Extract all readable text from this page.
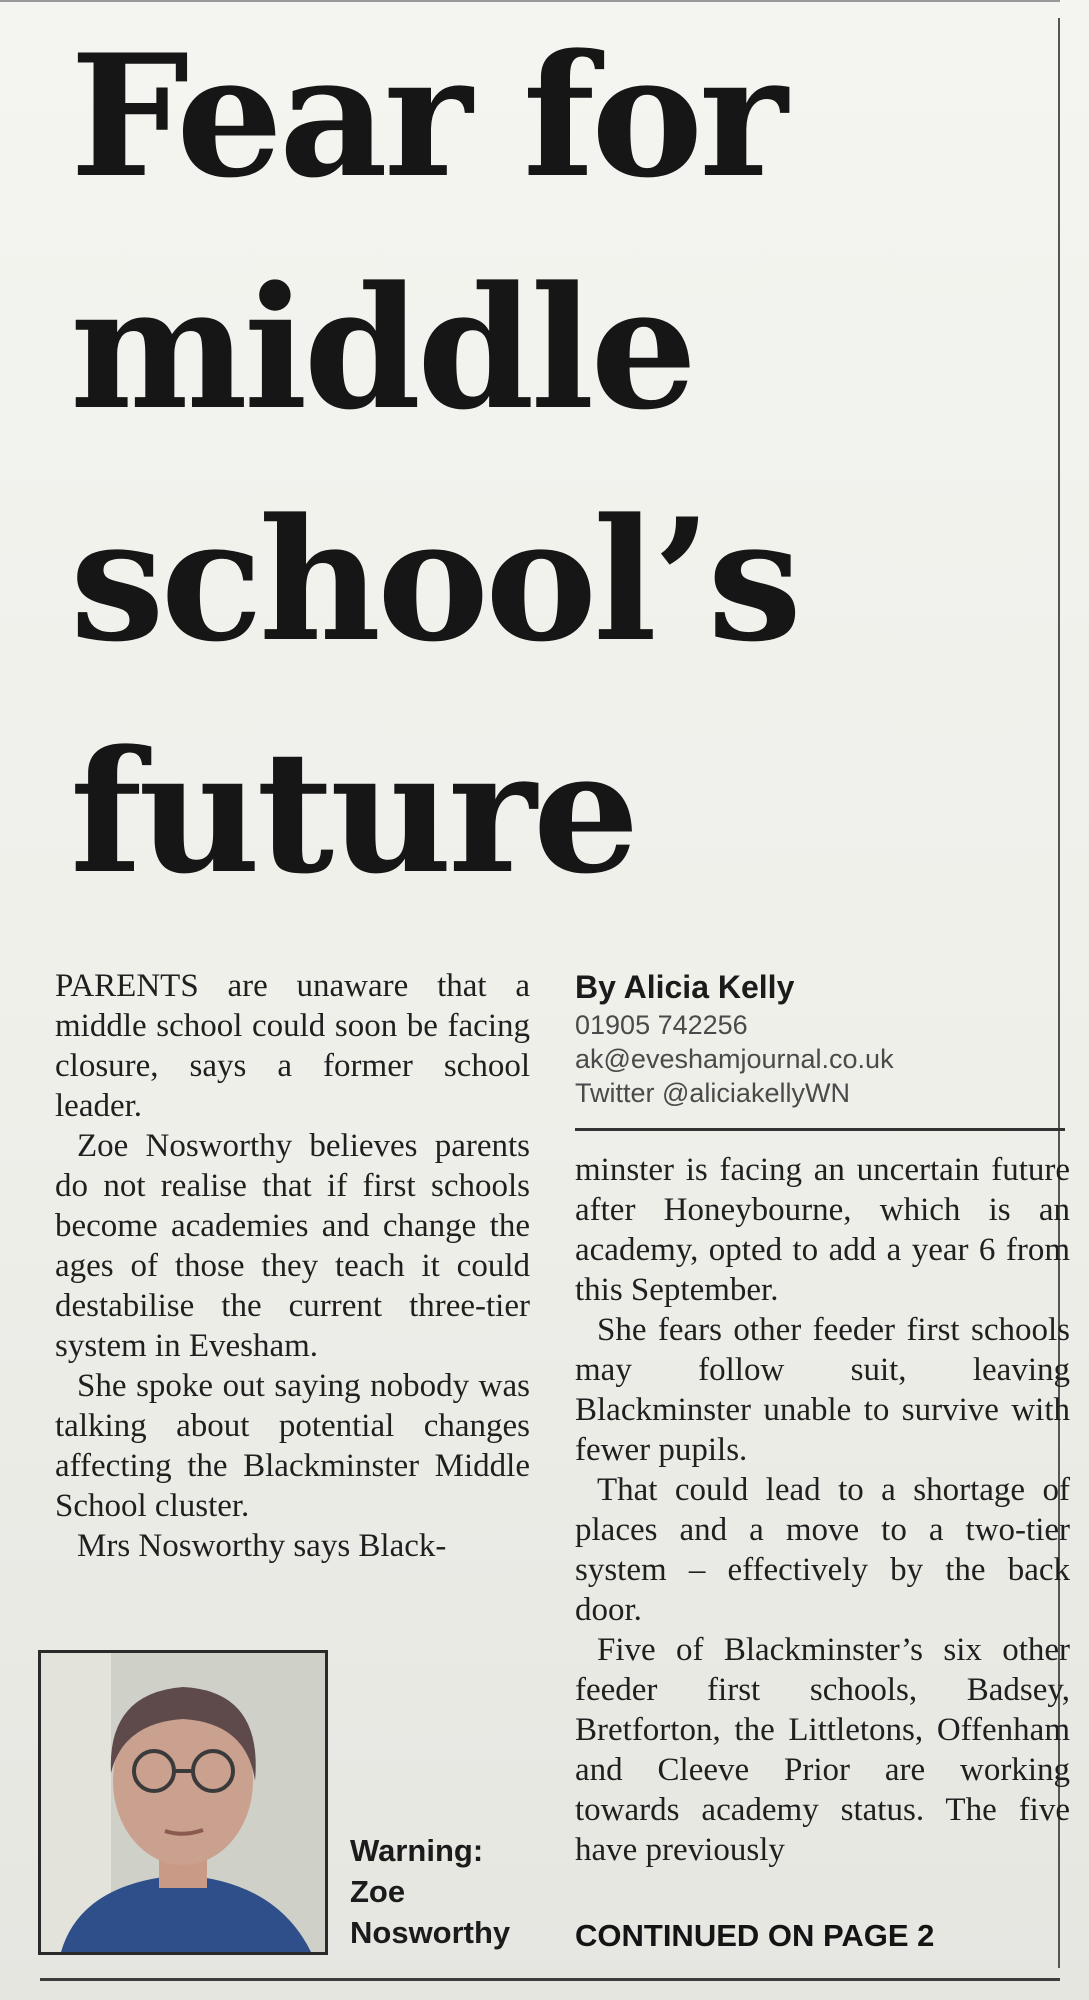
Fear for
middle
school’s
future

PARENTS are unaware that a middle school could soon be facing closure, says a former school leader.

Zoe Nosworthy believes parents do not realise that if first schools become academies and change the ages of those they teach it could destabilise the current three-tier system in Evesham.

She spoke out saying nobody was talking about potential changes affecting the Blackminster Middle School cluster.

Mrs Nosworthy says Black-

By Alicia Kelly
01905 742256
ak@eveshamjournal.co.uk
Twitter @aliciakellyWN

minster is facing an uncertain future after Honeybourne, which is an academy, opted to add a year 6 from this September.

She fears other feeder first schools may follow suit, leaving Blackminster unable to survive with fewer pupils.

That could lead to a shortage of places and a move to a two-tier system – effectively by the back door.

Five of Blackminster’s six other feeder first schools, Badsey, Bretforton, the Littletons, Offenham and Cleeve Prior are working towards academy status. The five have previously

Warning:
Zoe
Nosworthy	CONTINUED ON PAGE 2
